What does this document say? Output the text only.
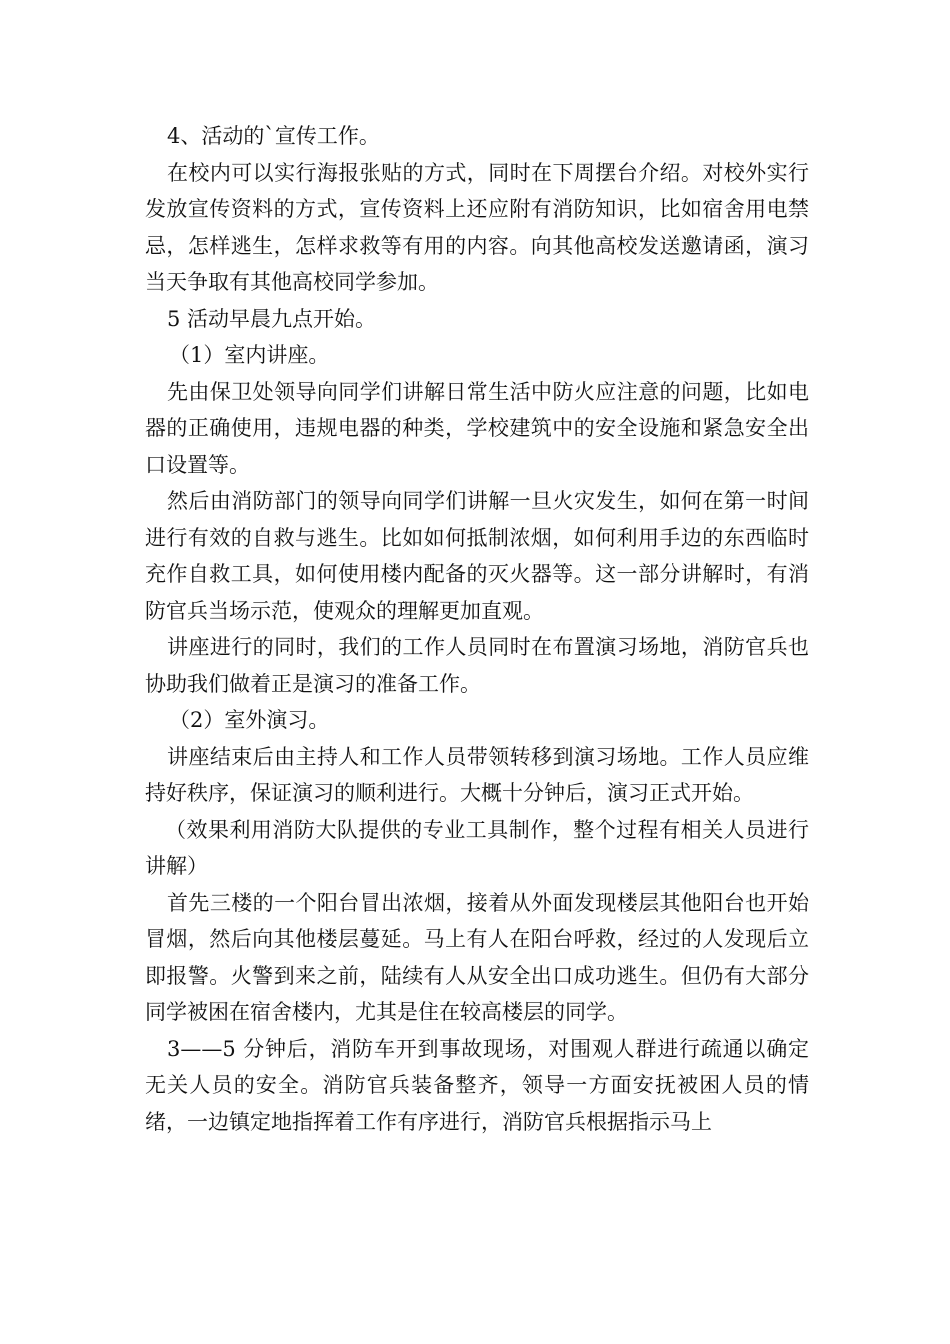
4、活动的`宣传工作。

在校内可以实行海报张贴的方式，同时在下周摆台介绍。对校外实行发放宣传资料的方式，宣传资料上还应附有消防知识，比如宿舍用电禁忌，怎样逃生，怎样求救等有用的内容。向其他高校发送邀请函，演习当天争取有其他高校同学参加。

5 活动早晨九点开始。

（1）室内讲座。

先由保卫处领导向同学们讲解日常生活中防火应注意的问题，比如电器的正确使用，违规电器的种类，学校建筑中的安全设施和紧急安全出口设置等。

然后由消防部门的领导向同学们讲解一旦火灾发生，如何在第一时间进行有效的自救与逃生。比如如何抵制浓烟，如何利用手边的东西临时充作自救工具，如何使用楼内配备的灭火器等。这一部分讲解时，有消防官兵当场示范，使观众的理解更加直观。

讲座进行的同时，我们的工作人员同时在布置演习场地，消防官兵也协助我们做着正是演习的准备工作。

（2）室外演习。

讲座结束后由主持人和工作人员带领转移到演习场地。工作人员应维持好秩序，保证演习的顺利进行。大概十分钟后，演习正式开始。

（效果利用消防大队提供的专业工具制作，整个过程有相关人员进行讲解）

首先三楼的一个阳台冒出浓烟，接着从外面发现楼层其他阳台也开始冒烟，然后向其他楼层蔓延。马上有人在阳台呼救，经过的人发现后立即报警。火警到来之前，陆续有人从安全出口成功逃生。但仍有大部分同学被困在宿舍楼内，尤其是住在较高楼层的同学。

3——5 分钟后，消防车开到事故现场，对围观人群进行疏通以确定无关人员的安全。消防官兵装备整齐，领导一方面安抚被困人员的情绪，一边镇定地指挥着工作有序进行，消防官兵根据指示马上
